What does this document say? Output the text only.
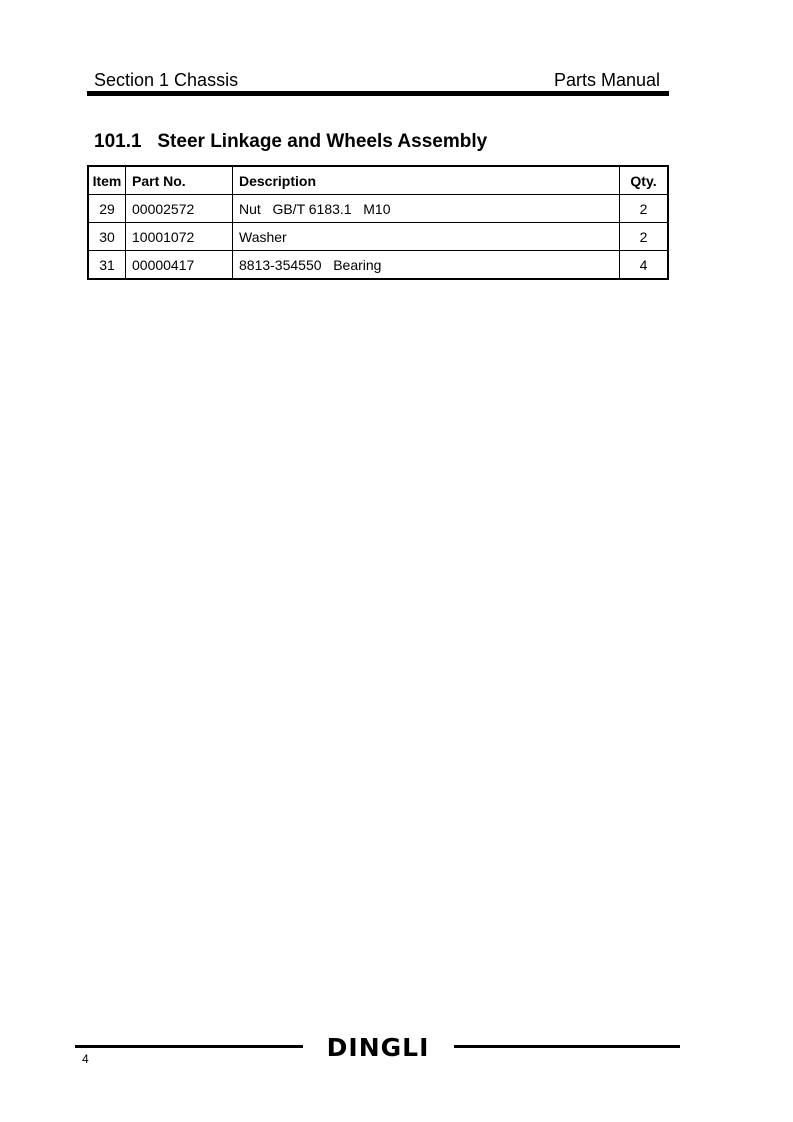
Section 1 Chassis	Parts Manual
101.1   Steer Linkage and Wheels Assembly
Item	Part No.	Description	Qty.
29	00002572	Nut   GB/T 6183.1   M10	2
30	10001072	Washer	2
31	00000417	8813-354550   Bearing	4
DINGLI
4
